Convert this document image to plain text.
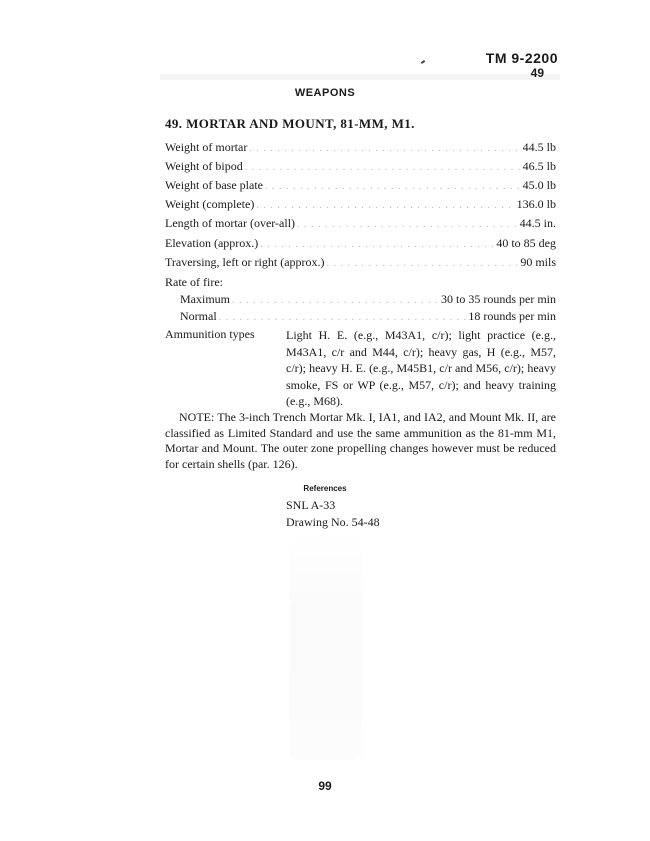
TM 9-2200
49
WEAPONS
49. MORTAR AND MOUNT, 81-MM, M1.
Weight of mortar . . .	44.5 lb
Weight of bipod . . .	46.5 lb
Weight of base plate . . .	45.0 lb
Weight (complete) . . .	136.0 lb
Length of mortar (over-all) . . .	44.5 in.
Elevation (approx.) . . .	40 to 85 deg
Traversing, left or right (approx.) . . .	90 mils
Rate of fire:
Maximum . . .	30 to 35 rounds per min
Normal . . .	18 rounds per min
Ammunition types	Light H. E. (e.g., M43A1, c/r); light practice (e.g., M43A1, c/r and M44, c/r); heavy gas, H (e.g., M57, c/r); heavy H. E. (e.g., M45B1, c/r and M56, c/r); heavy smoke, FS or WP (e.g., M57, c/r); and heavy training (e.g., M68).
NOTE: The 3-inch Trench Mortar Mk. I, IA1, and IA2, and Mount Mk. II, are classified as Limited Standard and use the same ammunition as the 81-mm M1, Mortar and Mount. The outer zone propelling changes however must be reduced for certain shells (par. 126).
References
SNL A-33
Drawing No. 54-48
99
